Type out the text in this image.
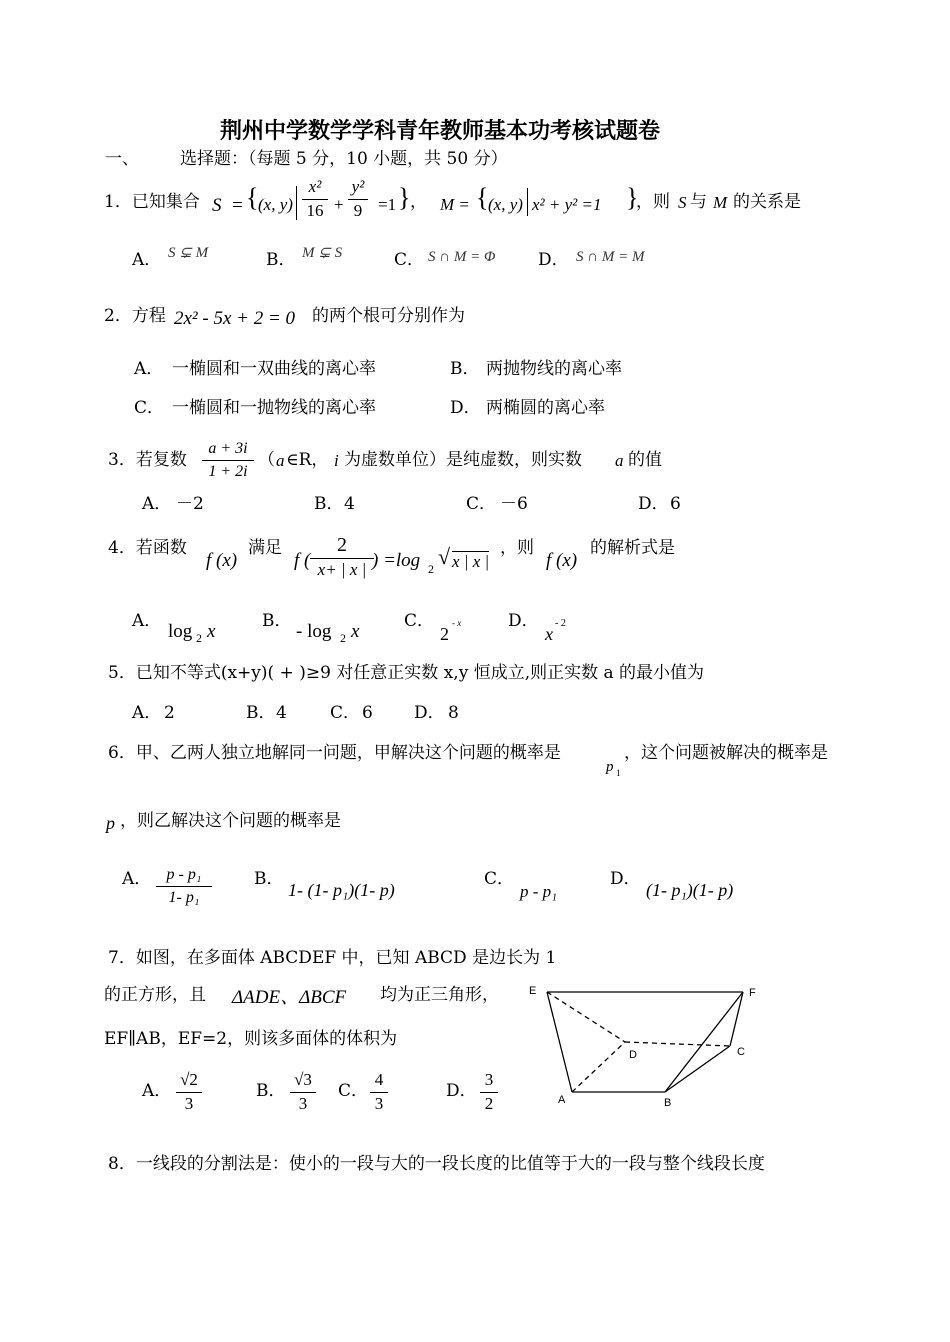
荆州中学数学学科青年教师基本功考核试题卷
一、 选择题：（每题 5 分，10 小题，共 50 分）
1．已知集合 S = { (x, y)
x²
16 +
y²
9 =1 } ， M = { (x, y) x² + y² =1 }
，则 S 与 M 的关系是
A． S ⊊ M	B． M ⊊ S	C． S ∩ M = Φ	D． S ∩ M = M
2．方程 2x² - 5x + 2 = 0 的两个根可分别作为
A． 一椭圆和一双曲线的离心率	B． 两抛物线的离心率
C． 一椭圆和一抛物线的离心率	D． 两椭圆的离心率
3．若复数
a + 3i
1 + 2i
（ a ∈R， i 为虚数单位）是纯虚数，则实数 a 的值
A． －2	B． 4	C． －6	D． 6
4．若函数
f (x)
满足
f (
2
x+ | x | ) =log 2 √ x | x |
，则
f (x)
的解析式是
A． log 2 x	B． - log 2 x	C．
2
- x	D．
x
- 2
5．已知不等式(x+y)( + )≥9 对任意正实数 x,y 恒成立,则正实数 a 的最小值为
A． 2	B． 4	C． 6 D． 8
6．甲、乙两人独立地解同一问题，甲解决这个问题的概率是
p 1
，这个问题被解决的概率是
p ，则乙解决这个问题的概率是
A． p - p₁
1- p₁
B．
1- (1- p₁)(1- p)
C．
p - p₁
D．
(1- p₁)(1- p)
7．如图，在多面体 ABCDEF 中，已知 ABCD 是边长为 1
的正方形，且 ΔADE、ΔBCF 均为正三角形，
EF∥AB，EF=2，则该多面体的体积为
A．
√2
3
B．
√3
3
C．
4
3
D．
3
2
E	F
D	C
A	B
8．一线段的分割法是：使小的一段与大的一段长度的比值等于大的一段与整个线段长度
